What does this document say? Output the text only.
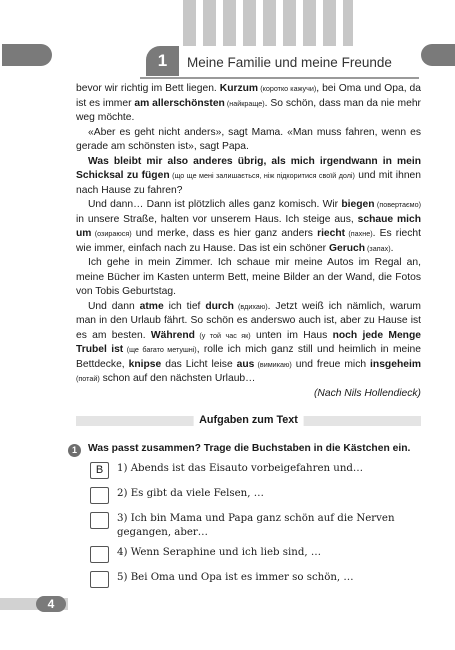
1	Meine Familie und meine Freunde

bevor wir richtig im Bett liegen. Kurzum (коротко кажучи), bei Oma und Opa, da ist es immer am allerschönsten (найкраще). So schön, dass man da nie mehr weg möchte.

«Aber es geht nicht anders», sagt Mama. «Man muss fahren, wenn es gerade am schönsten ist», sagt Papa.

Was bleibt mir also anderes übrig, als mich irgendwann in mein Schicksal zu fügen (що ще мені залишається, ніж підкоритися своїй долі) und mit ihnen nach Hause zu fahren?

Und dann… Dann ist plötzlich alles ganz komisch. Wir biegen (повертаємо) in unsere Straße, halten vor unserem Haus. Ich steige aus, schaue mich um (озираюся) und merke, dass es hier ganz anders riecht (пахне). Es riecht wie immer, einfach nach zu Hause. Das ist ein schöner Geruch (запах).

Ich gehe in mein Zimmer. Ich schaue mir meine Autos im Regal an, meine Bücher im Kasten unterm Bett, meine Bilder an der Wand, die Fotos von Tobis Geburtstag.

Und dann atme ich tief durch (вдихаю). Jetzt weiß ich nämlich, warum man in den Urlaub fährt. So schön es anderswo auch ist, aber zu Hause ist es am besten. Während (у той час як) unten im Haus noch jede Menge Trubel ist (ще багато метушні), rolle ich mich ganz still und heimlich in meine Bettdecke, knipse das Licht leise aus (вимикаю) und freue mich insgeheim (потай) schon auf den nächsten Urlaub…

(Nach Nils Hollendieck)
Aufgaben zum Text
1 Was passt zusammen? Trage die Buchstaben in die Kästchen ein.
B	1) Abends ist das Eisauto vorbeigefahren und…
2) Es gibt da viele Felsen, …
3) Ich bin Mama und Papa ganz schön auf die Nerven gegangen, aber…
4) Wenn Seraphine und ich lieb sind, …
5) Bei Oma und Opa ist es immer so schön, …
4
